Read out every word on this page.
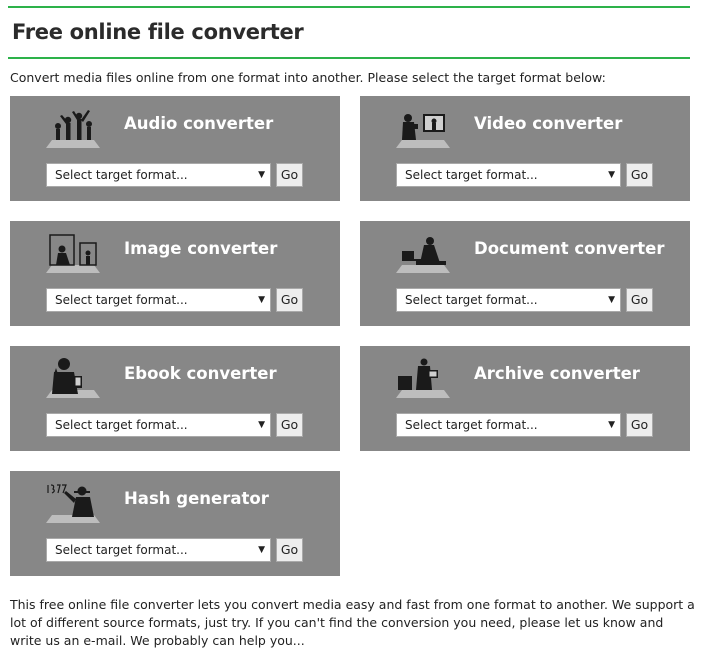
Free online file converter

Convert media files online from one format into another. Please select the target format below:

Audio converter
Select target format...	▼	Go
Video converter
Select target format...	▼	Go
Image converter
Select target format...	▼	Go
Document converter
Select target format...	▼	Go
Ebook converter
Select target format...	▼	Go
Archive converter
Select target format...	▼	Go
Hash generator
Select target format...	▼	Go

This free online file converter lets you convert media easy and fast from one format to another. We support a lot of different source formats, just try. If you can't find the conversion you need, please let us know and write us an e-mail. We probably can help you...
